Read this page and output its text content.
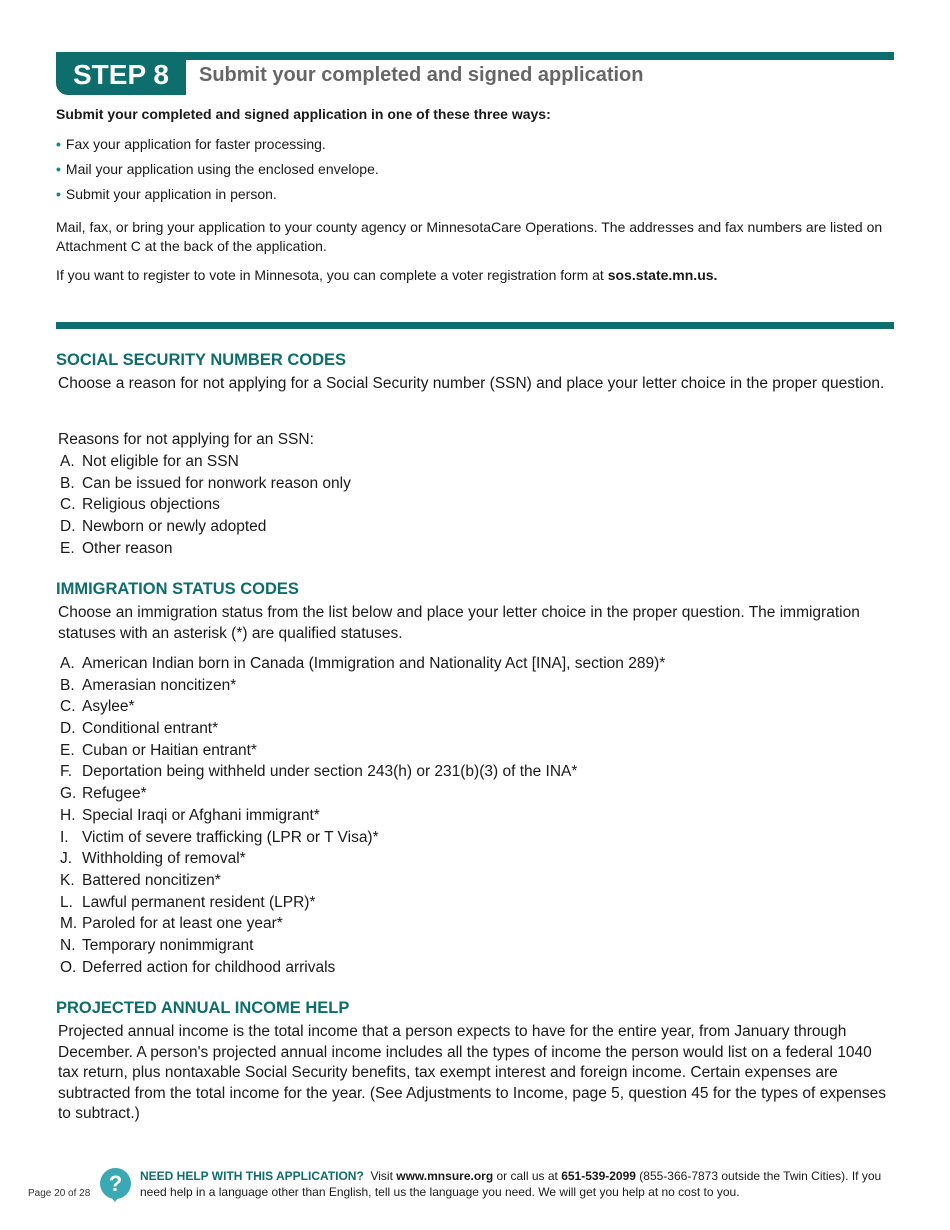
STEP 8	Submit your completed and signed application
Submit your completed and signed application in one of these three ways:
• Fax your application for faster processing.
• Mail your application using the enclosed envelope.
• Submit your application in person.

Mail, fax, or bring your application to your county agency or MinnesotaCare Operations. The addresses and fax numbers are listed on Attachment C at the back of the application.

If you want to register to vote in Minnesota, you can complete a voter registration form at sos.state.mn.us.

SOCIAL SECURITY NUMBER CODES

Choose a reason for not applying for a Social Security number (SSN) and place your letter choice in the proper question.

Reasons for not applying for an SSN:

A. Not eligible for an SSN
B. Can be issued for nonwork reason only
C. Religious objections
D. Newborn or newly adopted
E. Other reason
IMMIGRATION STATUS CODES

Choose an immigration status from the list below and place your letter choice in the proper question. The immigration statuses with an asterisk (*) are qualified statuses.

A. American Indian born in Canada (Immigration and Nationality Act [INA], section 289)*
B. Amerasian noncitizen*
C. Asylee*
D. Conditional entrant*
E. Cuban or Haitian entrant*
F. Deportation being withheld under section 243(h) or 231(b)(3) of the INA*
G. Refugee*
H. Special Iraqi or Afghani immigrant*
I. Victim of severe trafficking (LPR or T Visa)*
J. Withholding of removal*
K. Battered noncitizen*
L. Lawful permanent resident (LPR)*
M. Paroled for at least one year*
N. Temporary nonimmigrant
O. Deferred action for childhood arrivals
PROJECTED ANNUAL INCOME HELP

Projected annual income is the total income that a person expects to have for the entire year, from January through December. A person's projected annual income includes all the types of income the person would list on a federal 1040 tax return, plus nontaxable Social Security benefits, tax exempt interest and foreign income. Certain expenses are subtracted from the total income for the year. (See Adjustments to Income, page 5, question 45 for the types of expenses to subtract.)

Page 20 of 28 ?	NEED HELP WITH THIS APPLICATION? Visit www.mnsure.org or call us at 651-539-2099 (855-366-7873 outside the Twin Cities). If you need help in a language other than English, tell us the language you need. We will get you help at no cost to you.
